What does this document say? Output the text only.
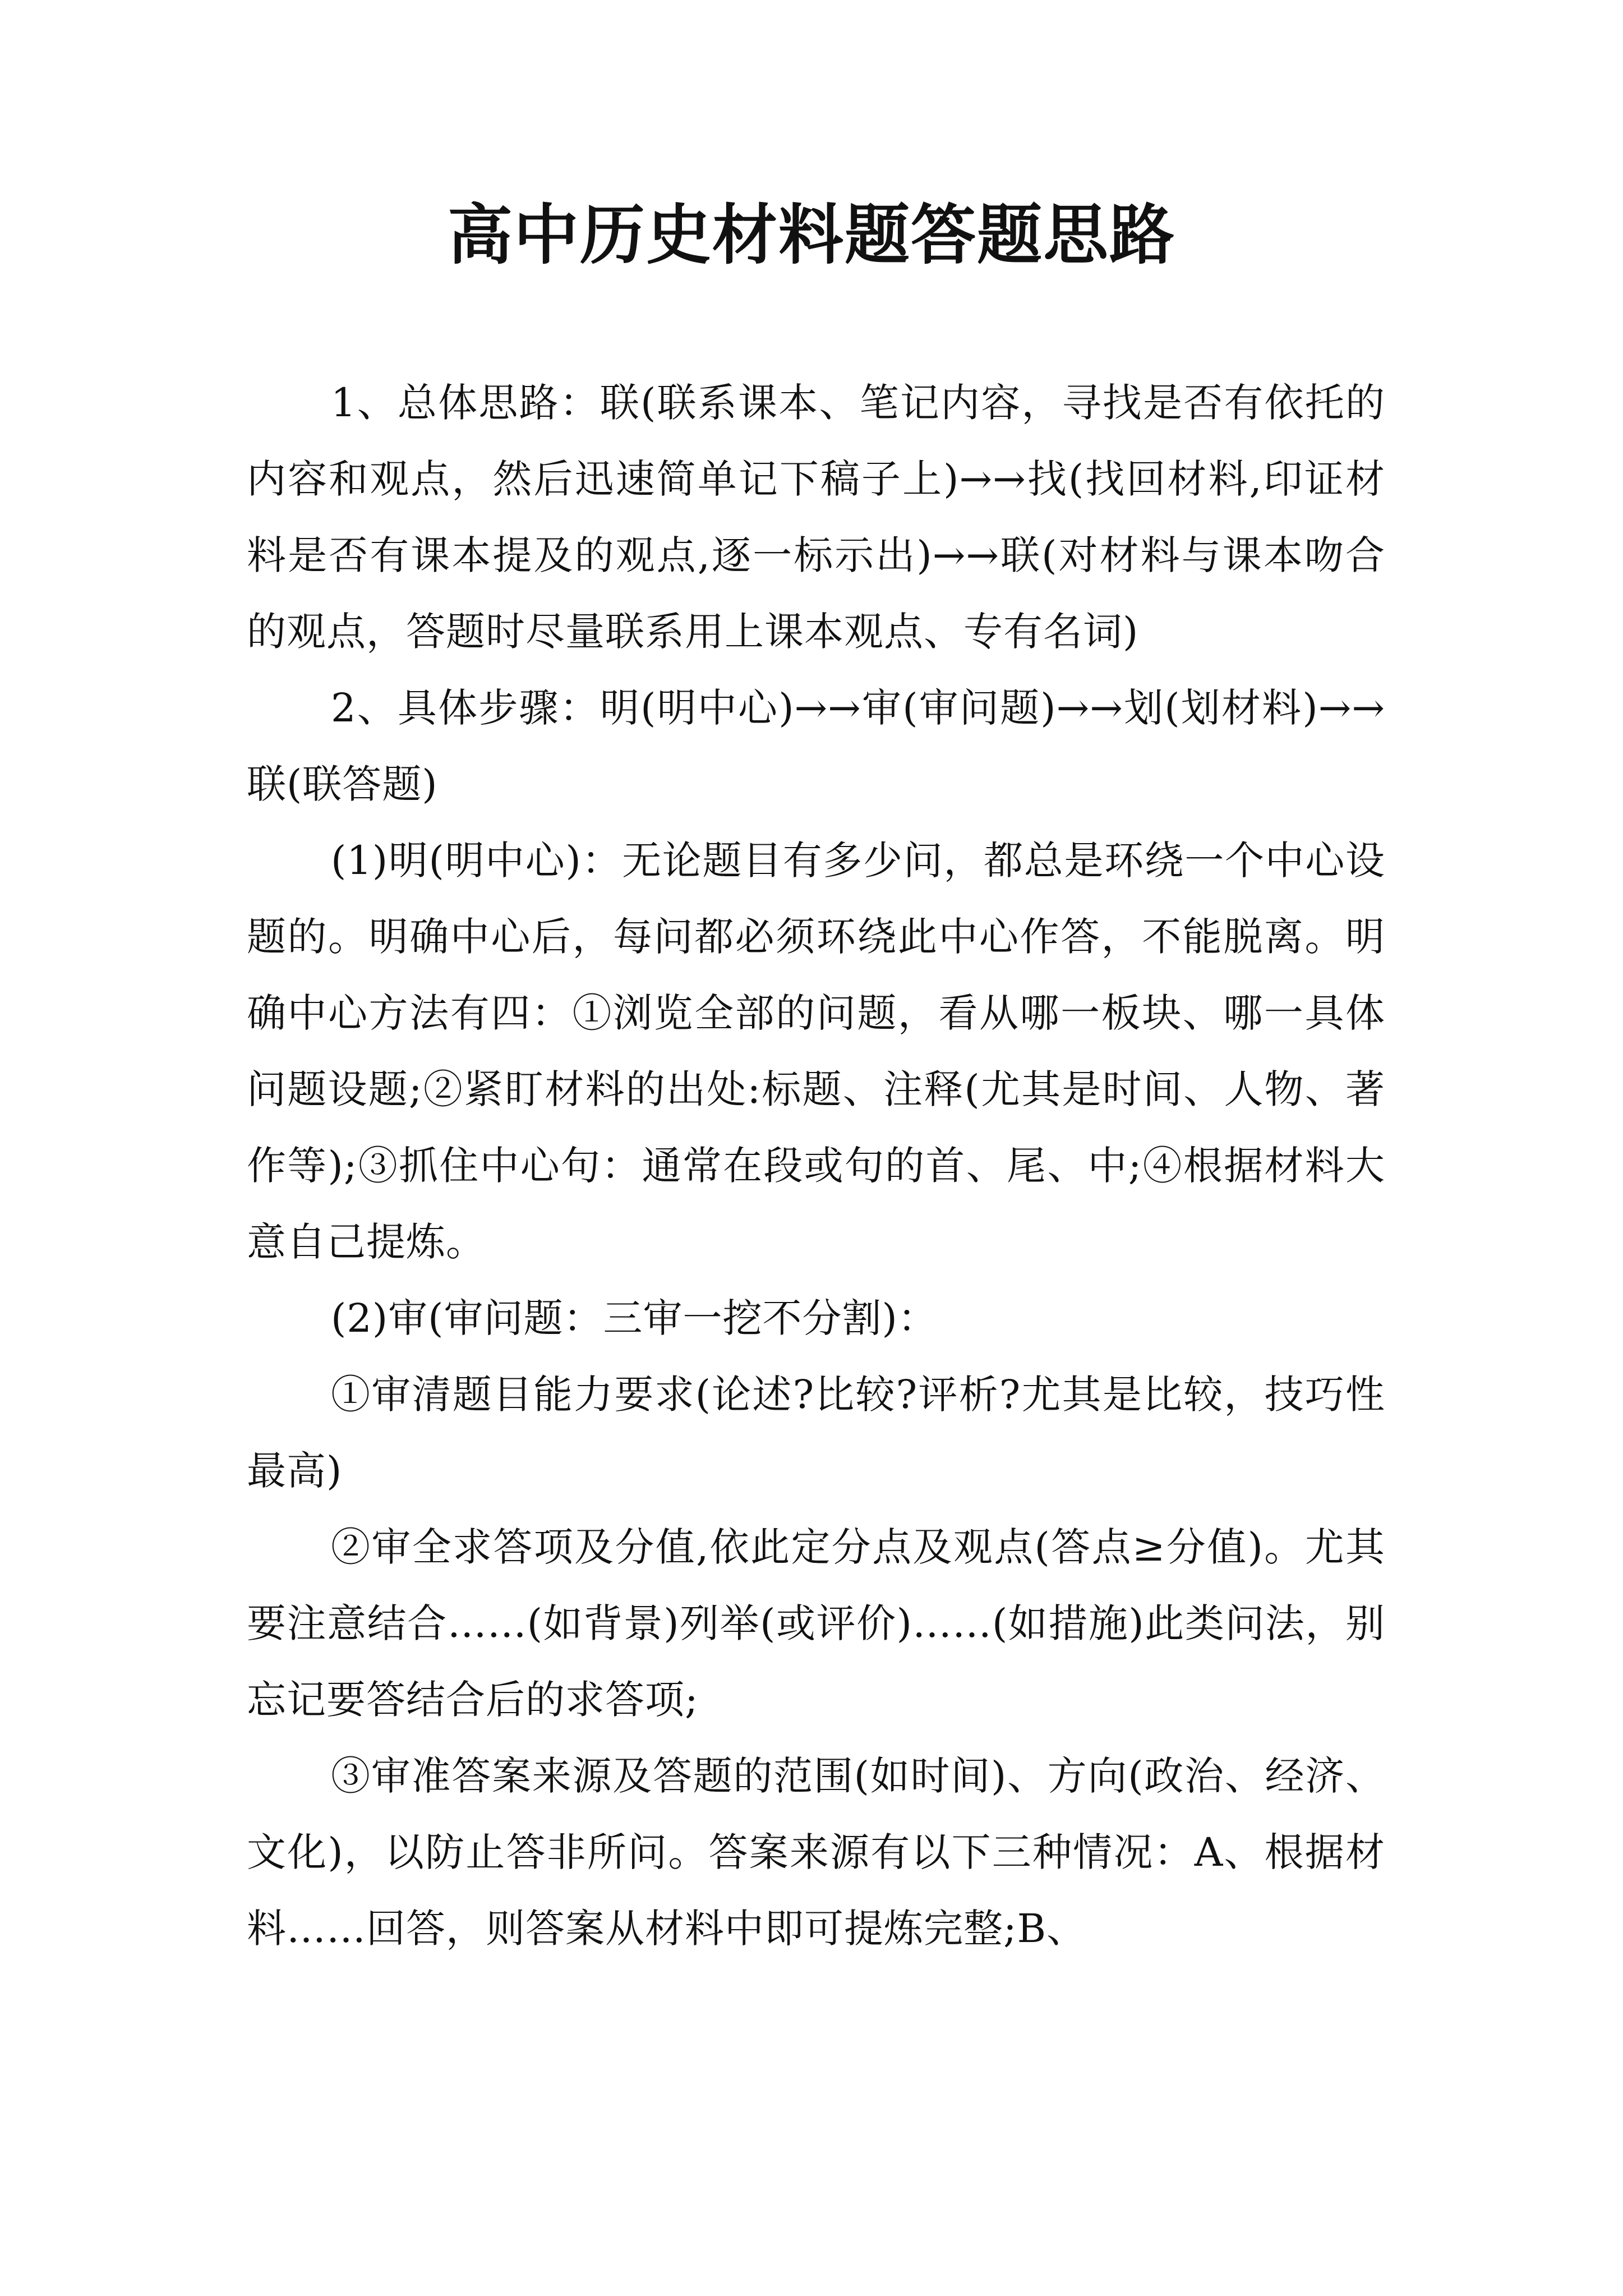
高中历史材料题答题思路

1、总体思路：联(联系课本、笔记内容，寻找是否有依托的内容和观点，然后迅速简单记下稿子上)→→找(找回材料,印证材料是否有课本提及的观点,逐一标示出)→→联(对材料与课本吻合的观点，答题时尽量联系用上课本观点、专有名词)

2、具体步骤：明(明中心)→→审(审问题)→→划(划材料)→→联(联答题)

(1)明(明中心)：无论题目有多少问，都总是环绕一个中心设题的。明确中心后，每问都必须环绕此中心作答，不能脱离。明确中心方法有四：①浏览全部的问题，看从哪一板块、哪一具体问题设题;②紧盯材料的出处:标题、注释(尤其是时间、人物、著作等);③抓住中心句：通常在段或句的首、尾、中;④根据材料大意自己提炼。

(2)审(审问题：三审一挖不分割)：

①审清题目能力要求(论述?比较?评析?尤其是比较，技巧性最高)

②审全求答项及分值,依此定分点及观点(答点≥分值)。尤其要注意结合……(如背景)列举(或评价)……(如措施)此类问法，别忘记要答结合后的求答项;

③审准答案来源及答题的范围(如时间)、方向(政治、经济、文化)，以防止答非所问。答案来源有以下三种情况：A、根据材料……回答，则答案从材料中即可提炼完整;B、
